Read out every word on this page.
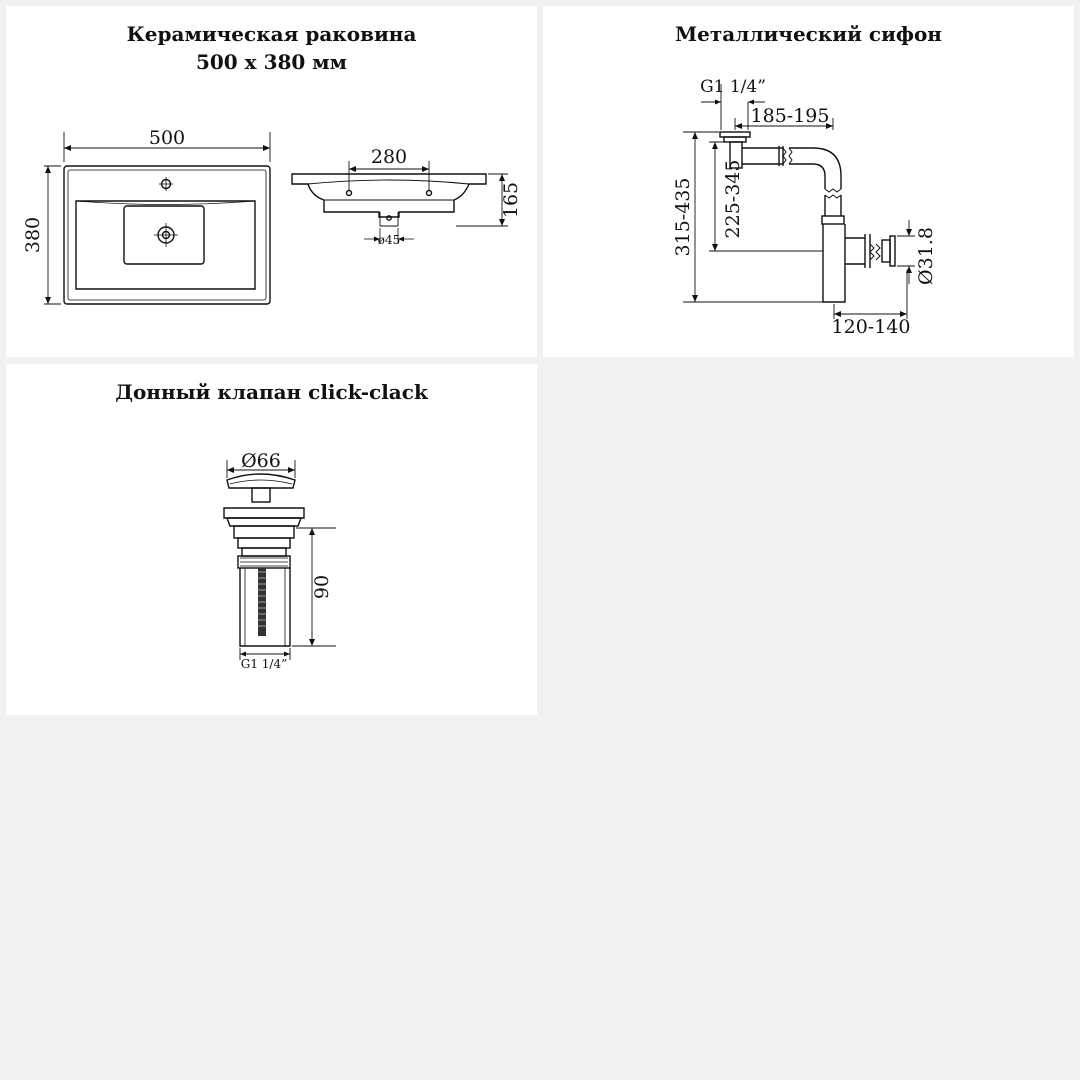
Керамическая раковина

500 x 380 мм

500
380
280
165
ø45

Металлический сифон

G1 1/4”
185-195
315-435 225-345
Ø31.8
120-140

Донный клапан click-clack

Ø66
90
G1 1/4”
